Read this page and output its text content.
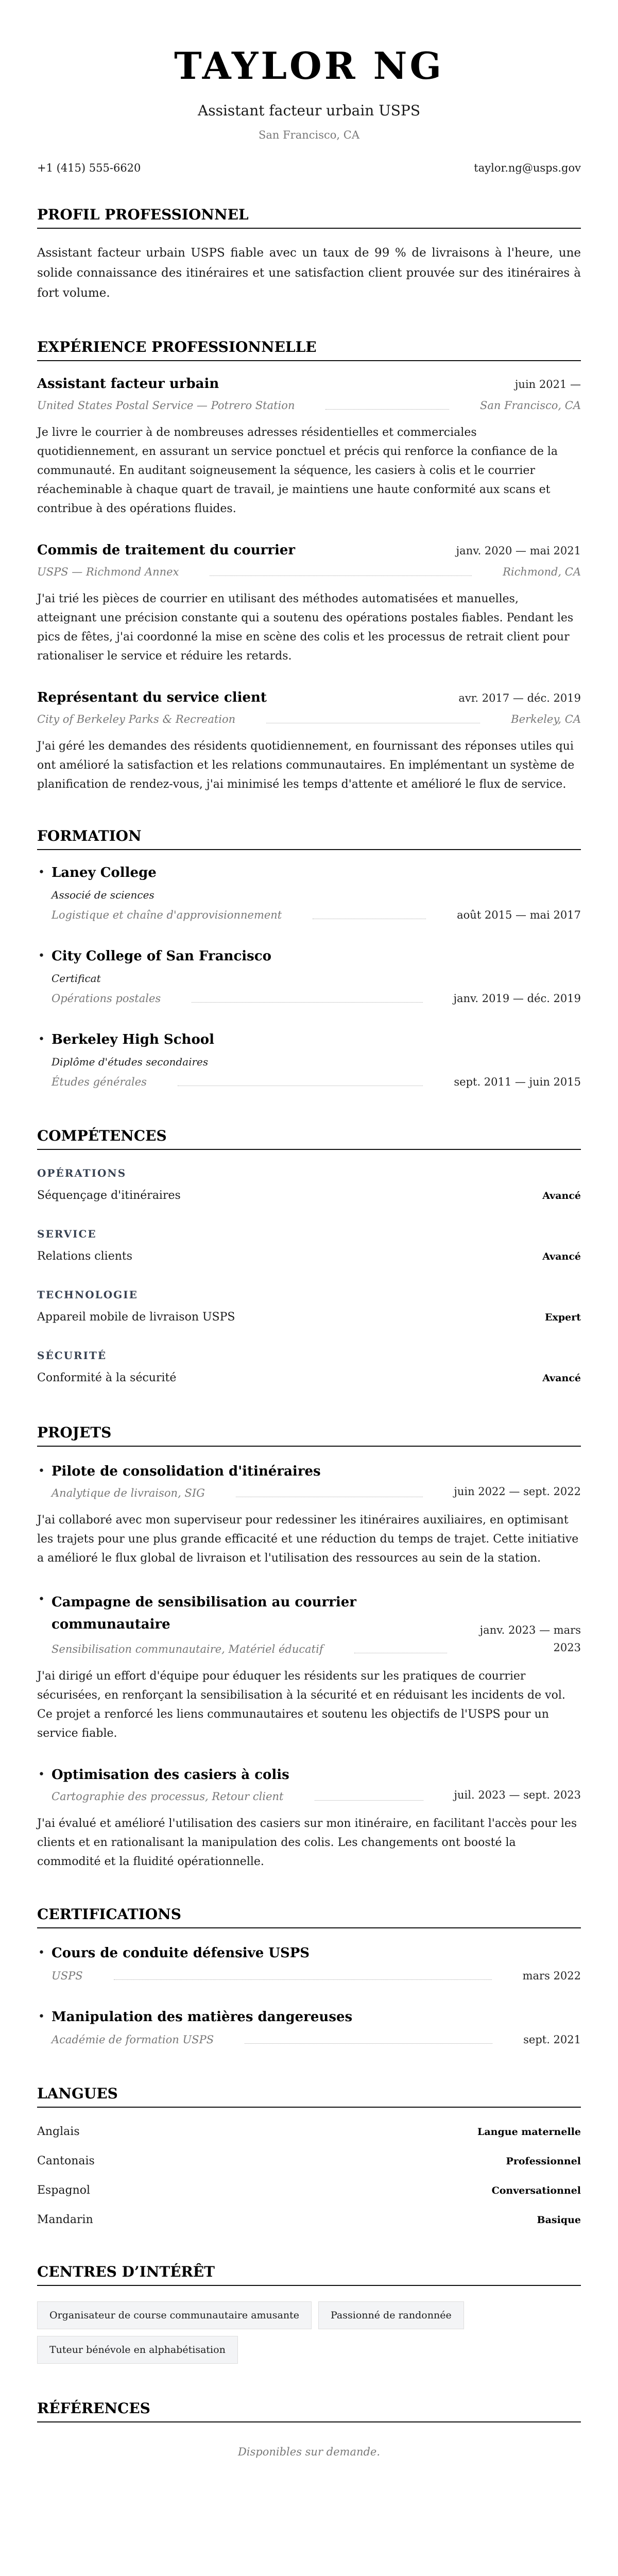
TAYLOR NG
Assistant facteur urbain USPS
San Francisco, CA
+1 (415) 555-6620	taylor.ng@usps.gov
PROFIL PROFESSIONNEL

Assistant facteur urbain USPS fiable avec un taux de 99 % de livraisons à l'heure, une solide connaissance des itinéraires et une satisfaction client prouvée sur des itinéraires à fort volume.

EXPÉRIENCE PROFESSIONNELLE
Assistant facteur urbain	juin 2021 —
United States Postal Service — Potrero Station	San Francisco, CA

Je livre le courrier à de nombreuses adresses résidentielles et commerciales quotidiennement, en assurant un service ponctuel et précis qui renforce la confiance de la communauté. En auditant soigneusement la séquence, les casiers à colis et le courrier réacheminable à chaque quart de travail, je maintiens une haute conformité aux scans et contribue à des opérations fluides.

Commis de traitement du courrier	janv. 2020 — mai 2021
USPS — Richmond Annex	Richmond, CA

J'ai trié les pièces de courrier en utilisant des méthodes automatisées et manuelles, atteignant une précision constante qui a soutenu des opérations postales fiables. Pendant les pics de fêtes, j'ai coordonné la mise en scène des colis et les processus de retrait client pour rationaliser le service et réduire les retards.

Représentant du service client	avr. 2017 — déc. 2019
City of Berkeley Parks & Recreation	Berkeley, CA

J'ai géré les demandes des résidents quotidiennement, en fournissant des réponses utiles qui ont amélioré la satisfaction et les relations communautaires. En implémentant un système de planification de rendez-vous, j'ai minimisé les temps d'attente et amélioré le flux de service.

FORMATION
• Laney College
Associé de sciences
Logistique et chaîne d'approvisionnement	août 2015 — mai 2017
• City College of San Francisco
Certificat
Opérations postales	janv. 2019 — déc. 2019
• Berkeley High School
Diplôme d'études secondaires
Études générales	sept. 2011 — juin 2015
COMPÉTENCES
OPÉRATIONS
Séquençage d'itinéraires	Avancé
SERVICE
Relations clients	Avancé
TECHNOLOGIE
Appareil mobile de livraison USPS	Expert
SÉCURITÉ
Conformité à la sécurité	Avancé
PROJETS
• Pilote de consolidation d'itinéraires
Analytique de livraison, SIG	juin 2022 — sept. 2022

J'ai collaboré avec mon superviseur pour redessiner les itinéraires auxiliaires, en optimisant les trajets pour une plus grande efficacité et une réduction du temps de trajet. Cette initiative a amélioré le flux global de livraison et l'utilisation des ressources au sein de la station.

• Campagne de sensibilisation au courrier communautaire
Sensibilisation communautaire, Matériel éducatif
janv. 2023 — mars 2023

J'ai dirigé un effort d'équipe pour éduquer les résidents sur les pratiques de courrier sécurisées, en renforçant la sensibilisation à la sécurité et en réduisant les incidents de vol. Ce projet a renforcé les liens communautaires et soutenu les objectifs de l'USPS pour un service fiable.

• Optimisation des casiers à colis
Cartographie des processus, Retour client	juil. 2023 — sept. 2023

J'ai évalué et amélioré l'utilisation des casiers sur mon itinéraire, en facilitant l'accès pour les clients et en rationalisant la manipulation des colis. Les changements ont boosté la commodité et la fluidité opérationnelle.

CERTIFICATIONS
• Cours de conduite défensive USPS
USPS	mars 2022
• Manipulation des matières dangereuses
Académie de formation USPS	sept. 2021
LANGUES
Anglais	Langue maternelle
Cantonais	Professionnel
Espagnol	Conversationnel
Mandarin	Basique
CENTRES D’INTÉRÊT
Organisateur de course communautaire amusante	Passionné de randonnée
Tuteur bénévole en alphabétisation
RÉFÉRENCES

Disponibles sur demande.
